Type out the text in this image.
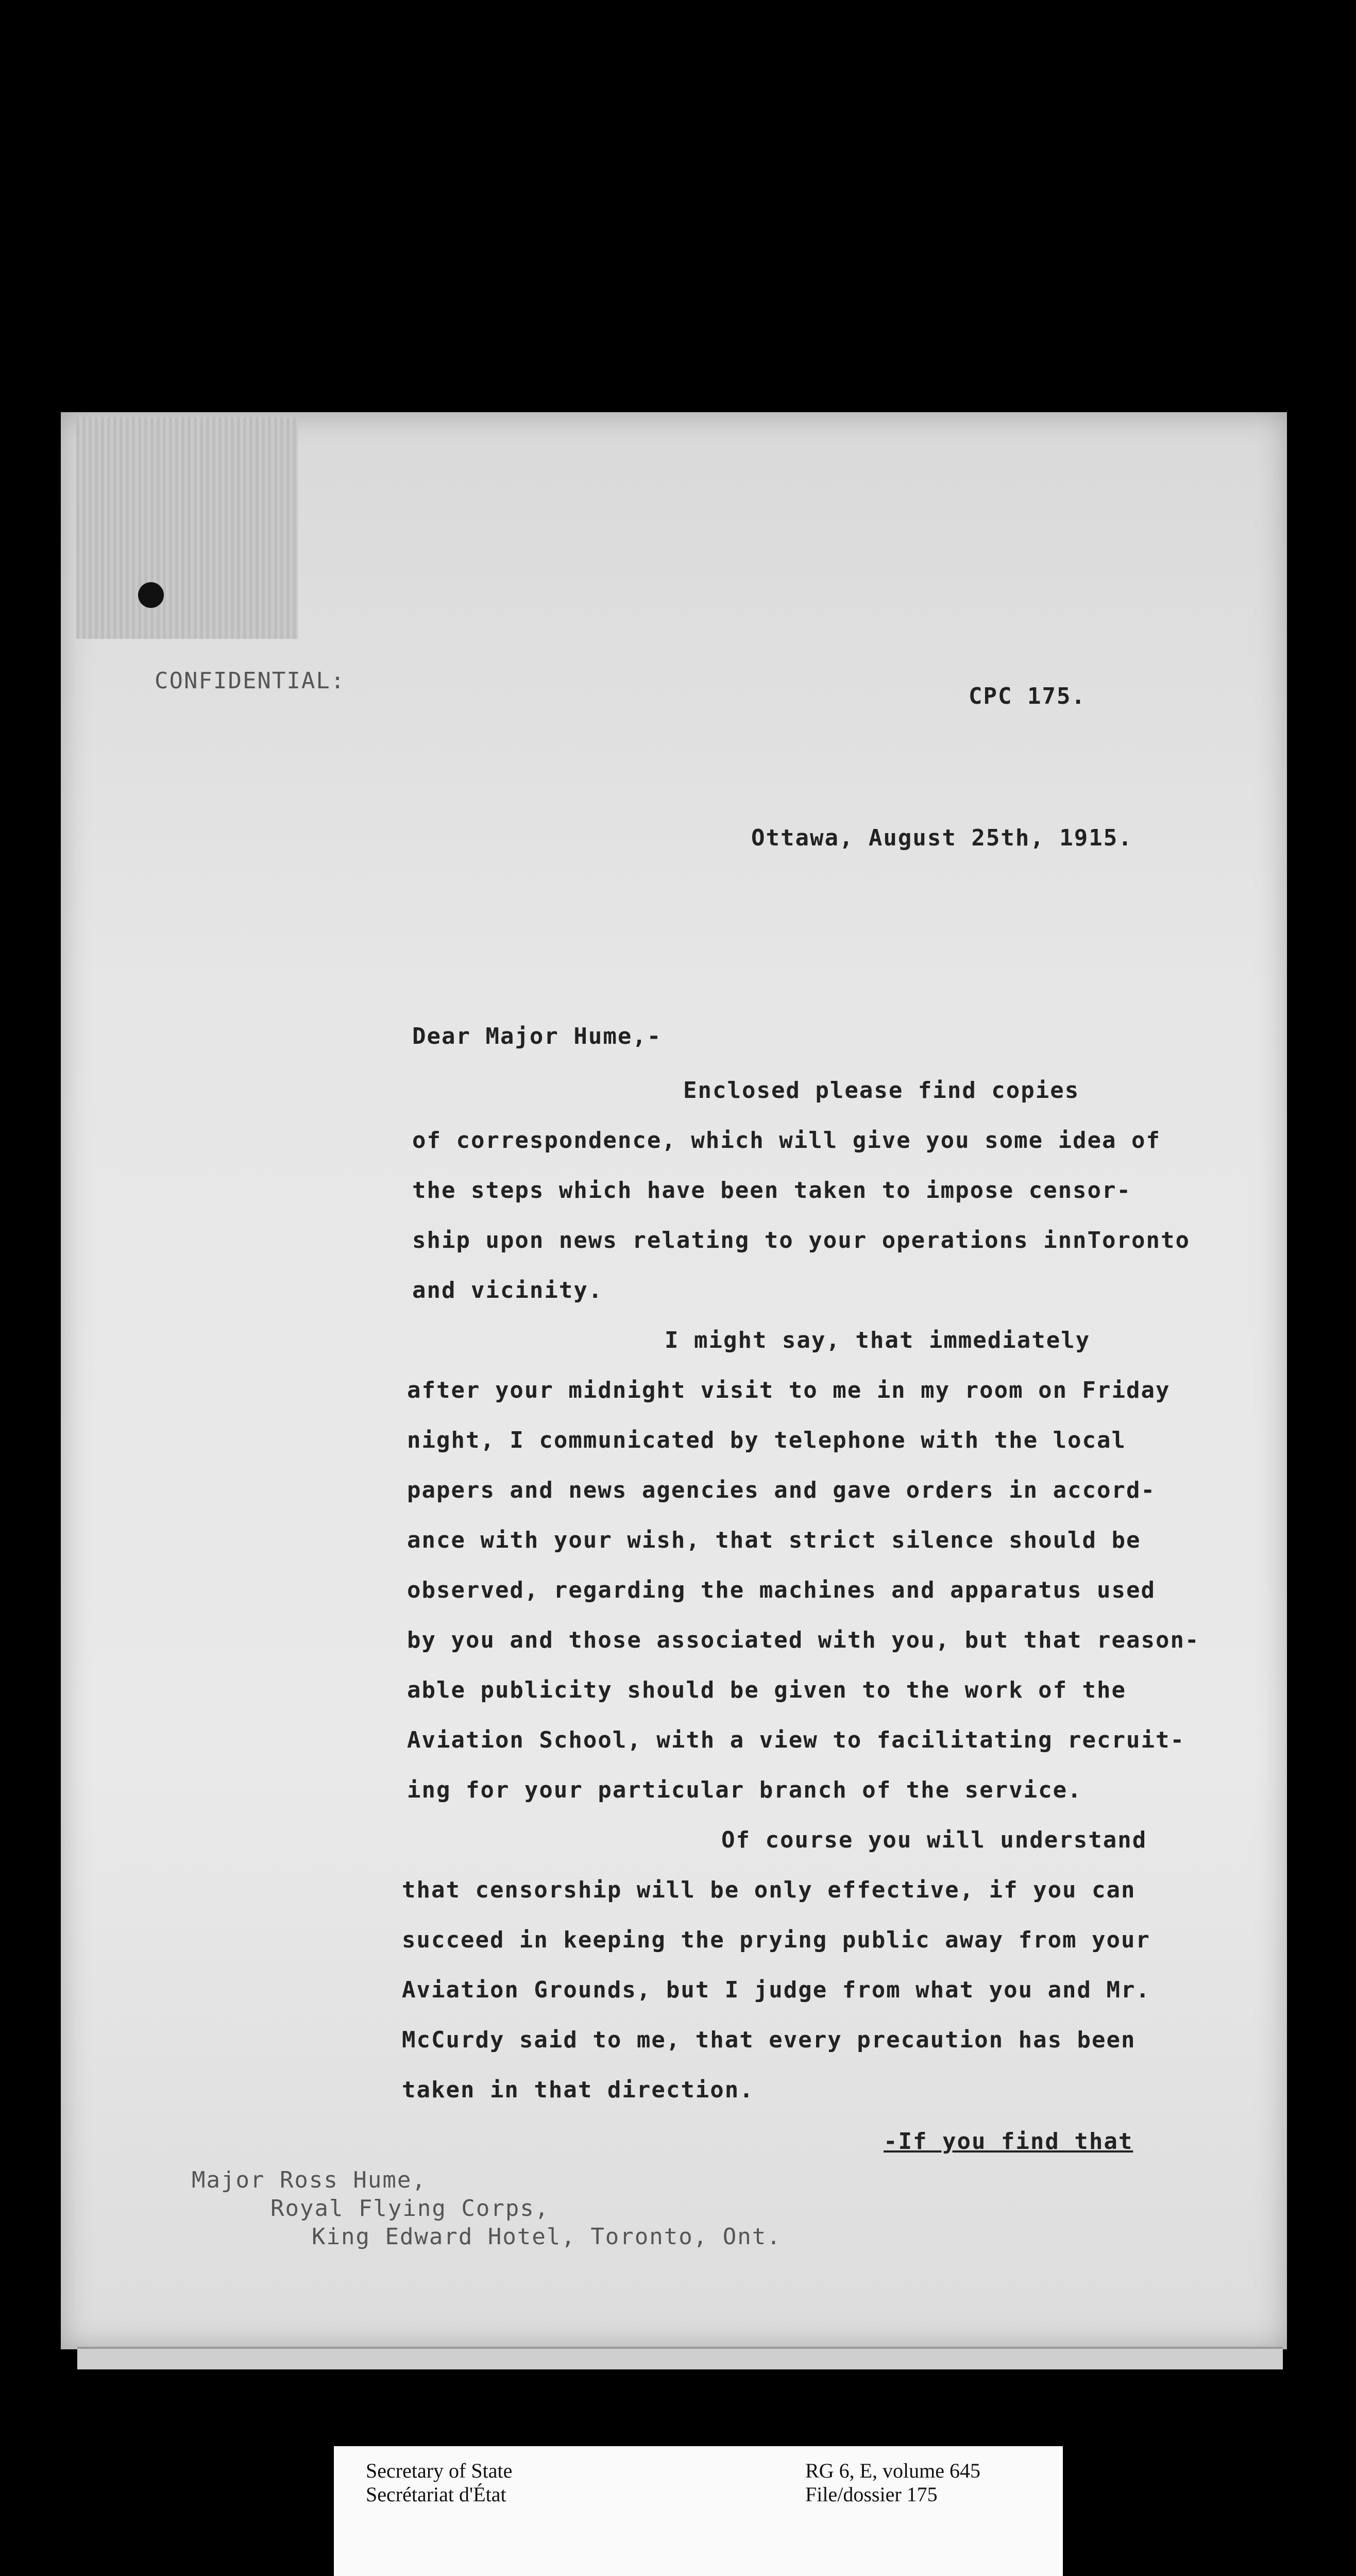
CONFIDENTIAL:
CPC 175.
Ottawa, August 25th, 1915.
Dear Major Hume,-
Enclosed please find copies
of correspondence, which will give you some idea of
the steps which have been taken to impose censor-
ship upon news relating to your operations innToronto
and vicinity.
I might say, that immediately
after your midnight visit to me in my room on Friday
night, I communicated by telephone with the local
papers and news agencies and gave orders in accord-
ance with your wish, that strict silence should be
observed, regarding the machines and apparatus used
by you and those associated with you, but that reason-
able publicity should be given to the work of the
Aviation School, with a view to facilitating recruit-
ing for your particular branch of the service.
Of course you will understand
that censorship will be only effective, if you can
succeed in keeping the prying public away from your
Aviation Grounds, but I judge from what you and Mr.
McCurdy said to me, that every precaution has been
taken in that direction.
-If you find that
Major Ross Hume,
Royal Flying Corps,
King Edward Hotel, Toronto, Ont.
Secretary of State
Secrétariat d'État
RG 6, E, volume 645
File/dossier 175
